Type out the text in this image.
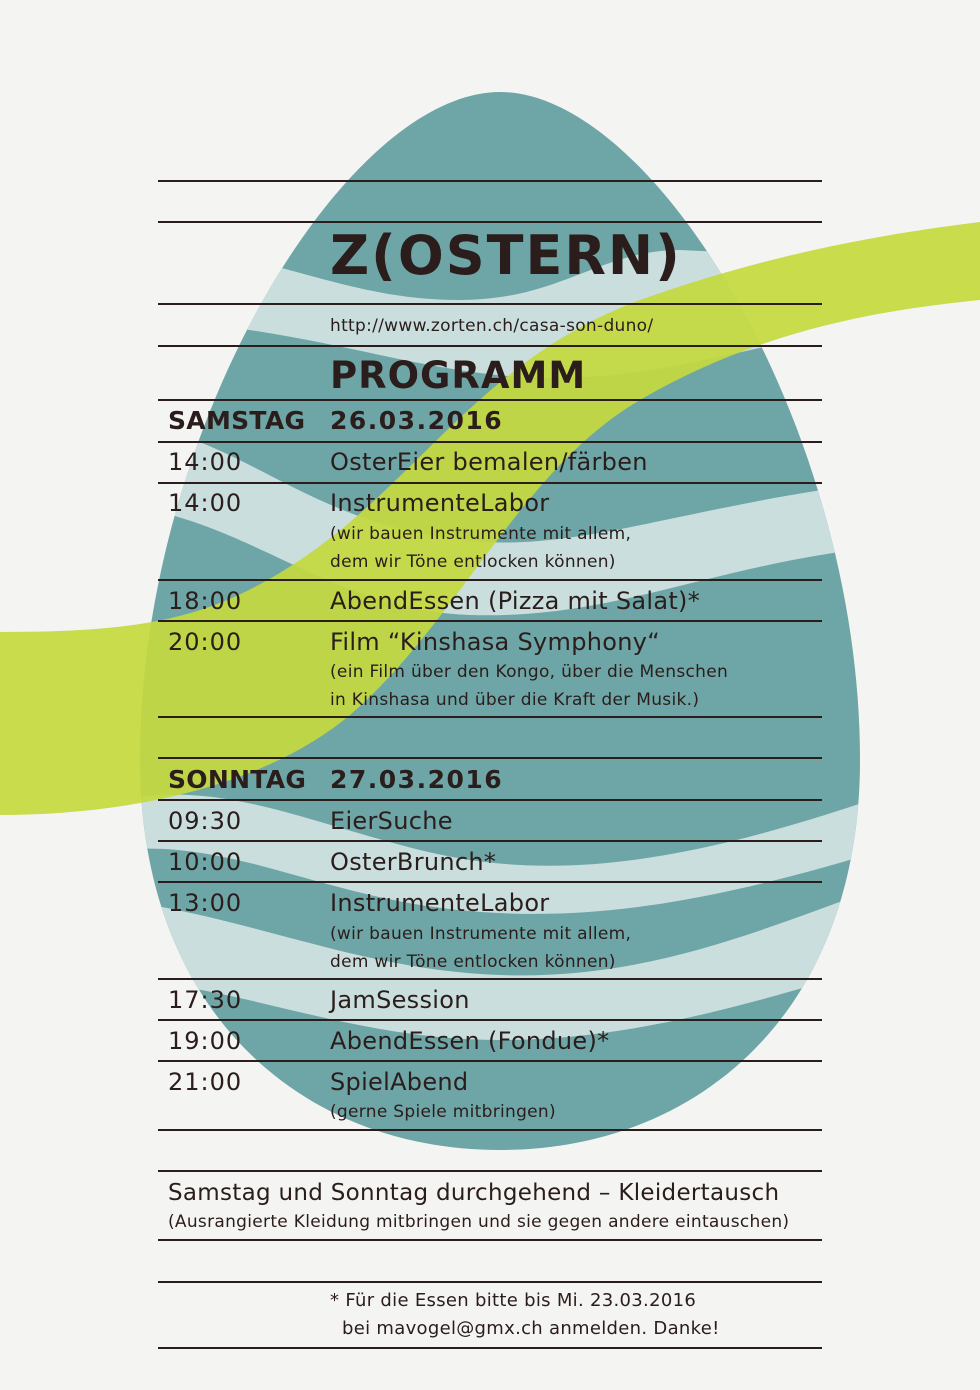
Z(OSTERN)
http://www.zorten.ch/casa-son-duno/
PROGRAMM
SAMSTAG 26.03.2016
14:00	OsterEier bemalen/färben
14:00	InstrumenteLabor
(wir bauen Instrumente mit allem,
dem wir Töne entlocken können)
18:00	AbendEssen (Pizza mit Salat)*
20:00	Film “Kinshasa Symphony“
(ein Film über den Kongo, über die Menschen
in Kinshasa und über die Kraft der Musik.)
SONNTAG 27.03.2016
09:30	EierSuche
10:00	OsterBrunch*
13:00	InstrumenteLabor
(wir bauen Instrumente mit allem,
dem wir Töne entlocken können)
17:30	JamSession
19:00	AbendEssen (Fondue)*
21:00	SpielAbend
(gerne Spiele mitbringen)
Samstag und Sonntag durchgehend – Kleidertausch
(Ausrangierte Kleidung mitbringen und sie gegen andere eintauschen)
* Für die Essen bitte bis Mi. 23.03.2016
bei mavogel@gmx.ch anmelden. Danke!
